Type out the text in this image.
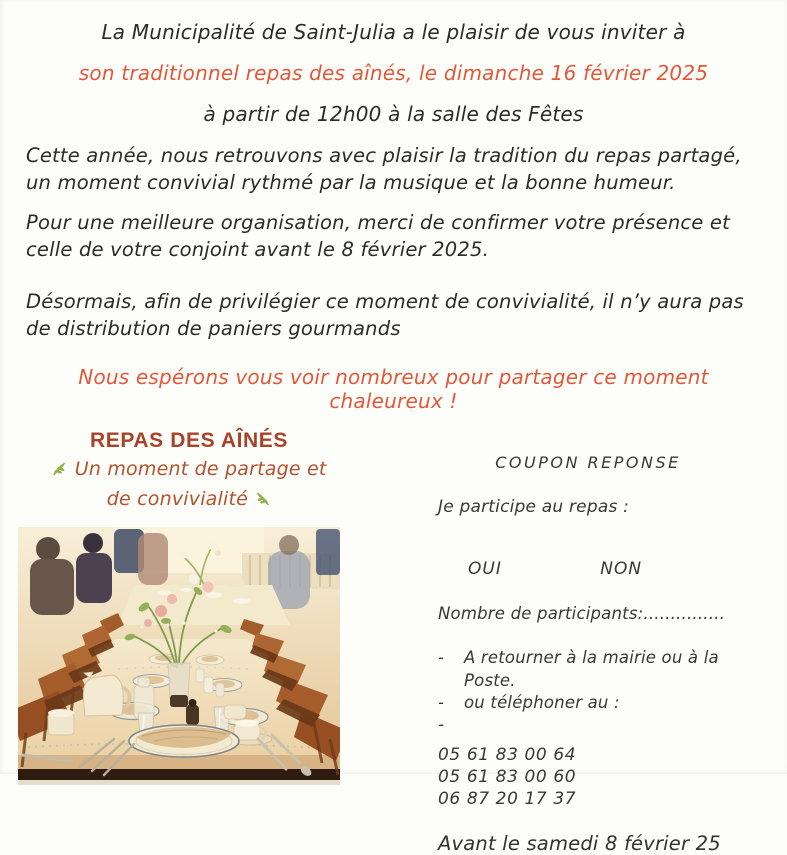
La Municipalité de Saint-Julia a le plaisir de vous inviter à
son traditionnel repas des aînés, le dimanche 16 février 2025
à partir de 12h00 à la salle des Fêtes

Cette année, nous retrouvons avec plaisir la tradition du repas partagé, un moment convivial rythmé par la musique et la bonne humeur.

Pour une meilleure organisation, merci de confirmer votre présence et celle de votre conjoint avant le 8 février 2025.

Désormais, afin de privilégier ce moment de convivialité, il n’y aura pas de distribution de paniers gourmands

Nous espérons vous voir nombreux pour partager ce moment chaleureux !
REPAS DES AÎNÉS
Un moment de partage et de convivialité
COUPON REPONSE
Je participe au repas :
OUI	NON
Nombre de participants:...............
-	A retourner à la mairie ou à la Poste.
-	ou téléphoner au :
-
05 61 83 00 64
05 61 83 00 60
06 87 20 17 37
Avant le samedi 8 février 25
